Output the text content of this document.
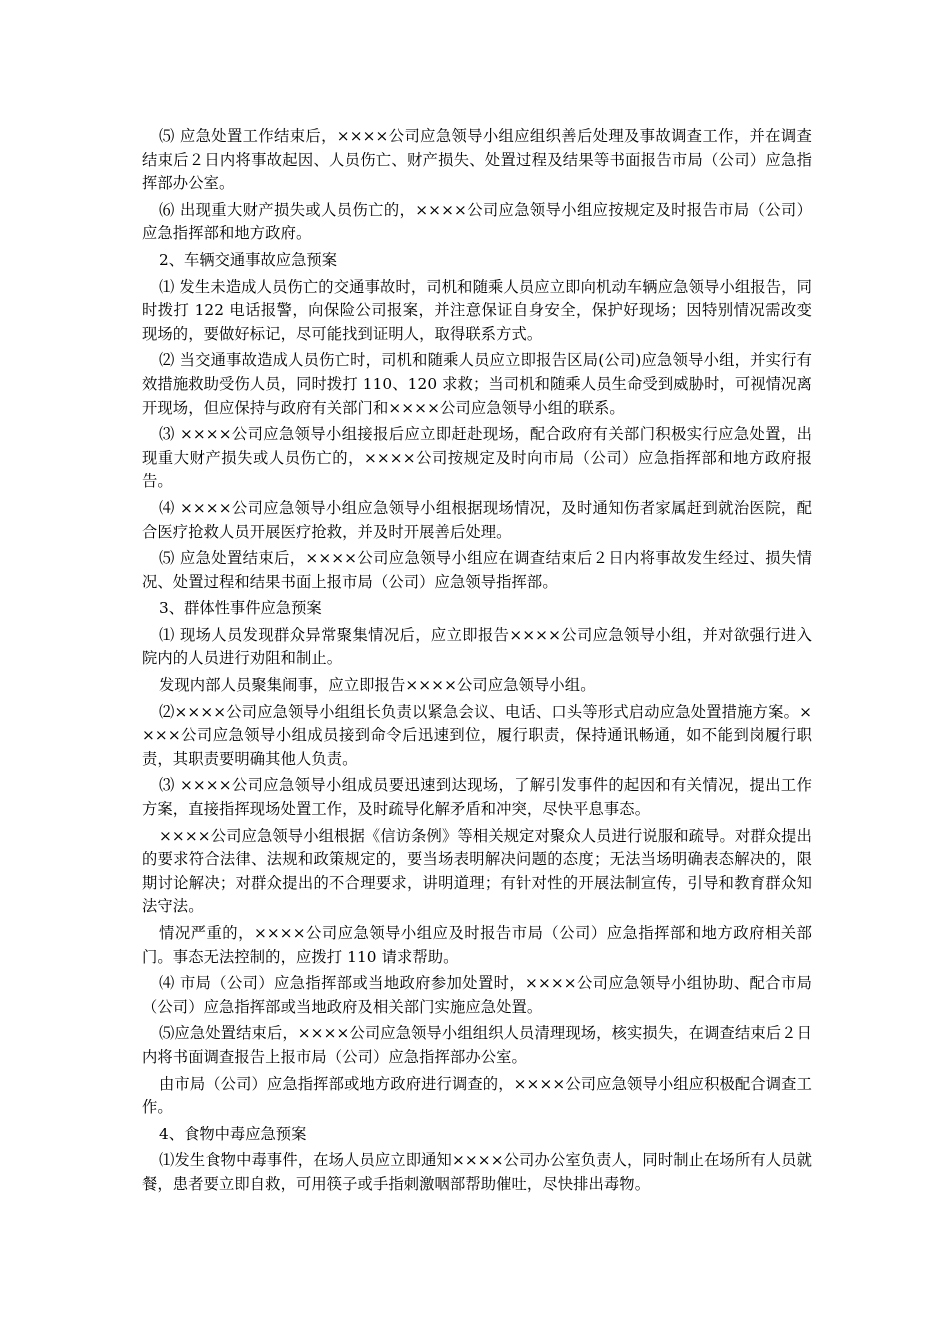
⑸ 应急处置工作结束后，××××公司应急领导小组应组织善后处理及事故调查工作，并在调查结束后２日内将事故起因、人员伤亡、财产损失、处置过程及结果等书面报告市局（公司）应急指挥部办公室。

⑹ 出现重大财产损失或人员伤亡的，××××公司应急领导小组应按规定及时报告市局（公司）应急指挥部和地方政府。

2、车辆交通事故应急预案

⑴ 发生未造成人员伤亡的交通事故时，司机和随乘人员应立即向机动车辆应急领导小组报告，同时拨打 122 电话报警，向保险公司报案，并注意保证自身安全，保护好现场；因特别情况需改变现场的，要做好标记，尽可能找到证明人，取得联系方式。

⑵ 当交通事故造成人员伤亡时，司机和随乘人员应立即报告区局(公司)应急领导小组，并实行有效措施救助受伤人员，同时拨打 110、120 求救；当司机和随乘人员生命受到威胁时，可视情况离开现场，但应保持与政府有关部门和××××公司应急领导小组的联系。

⑶ ××××公司应急领导小组接报后应立即赶赴现场，配合政府有关部门积极实行应急处置，出现重大财产损失或人员伤亡的，××××公司按规定及时向市局（公司）应急指挥部和地方政府报告。

⑷ ××××公司应急领导小组应急领导小组根据现场情况，及时通知伤者家属赶到就治医院，配合医疗抢救人员开展医疗抢救，并及时开展善后处理。

⑸ 应急处置结束后，××××公司应急领导小组应在调查结束后２日内将事故发生经过、损失情况、处置过程和结果书面上报市局（公司）应急领导指挥部。

3、群体性事件应急预案

⑴ 现场人员发现群众异常聚集情况后，应立即报告××××公司应急领导小组，并对欲强行进入院内的人员进行劝阻和制止。

发现内部人员聚集闹事，应立即报告××××公司应急领导小组。

⑵××××公司应急领导小组组长负责以紧急会议、电话、口头等形式启动应急处置措施方案。××××公司应急领导小组成员接到命令后迅速到位，履行职责，保持通讯畅通，如不能到岗履行职责，其职责要明确其他人负责。

⑶ ××××公司应急领导小组成员要迅速到达现场，了解引发事件的起因和有关情况，提出工作方案，直接指挥现场处置工作，及时疏导化解矛盾和冲突，尽快平息事态。

××××公司应急领导小组根据《信访条例》等相关规定对聚众人员进行说服和疏导。对群众提出的要求符合法律、法规和政策规定的，要当场表明解决问题的态度；无法当场明确表态解决的，限期讨论解决；对群众提出的不合理要求，讲明道理；有针对性的开展法制宣传，引导和教育群众知法守法。

情况严重的，××××公司应急领导小组应及时报告市局（公司）应急指挥部和地方政府相关部门。事态无法控制的，应拨打 110 请求帮助。

⑷ 市局（公司）应急指挥部或当地政府参加处置时，××××公司应急领导小组协助、配合市局（公司）应急指挥部或当地政府及相关部门实施应急处置。

⑸应急处置结束后，××××公司应急领导小组组织人员清理现场，核实损失，在调查结束后２日内将书面调查报告上报市局（公司）应急指挥部办公室。

由市局（公司）应急指挥部或地方政府进行调查的，××××公司应急领导小组应积极配合调查工作。

4、食物中毒应急预案

⑴发生食物中毒事件，在场人员应立即通知××××公司办公室负责人，同时制止在场所有人员就餐，患者要立即自救，可用筷子或手指刺激咽部帮助催吐，尽快排出毒物。
